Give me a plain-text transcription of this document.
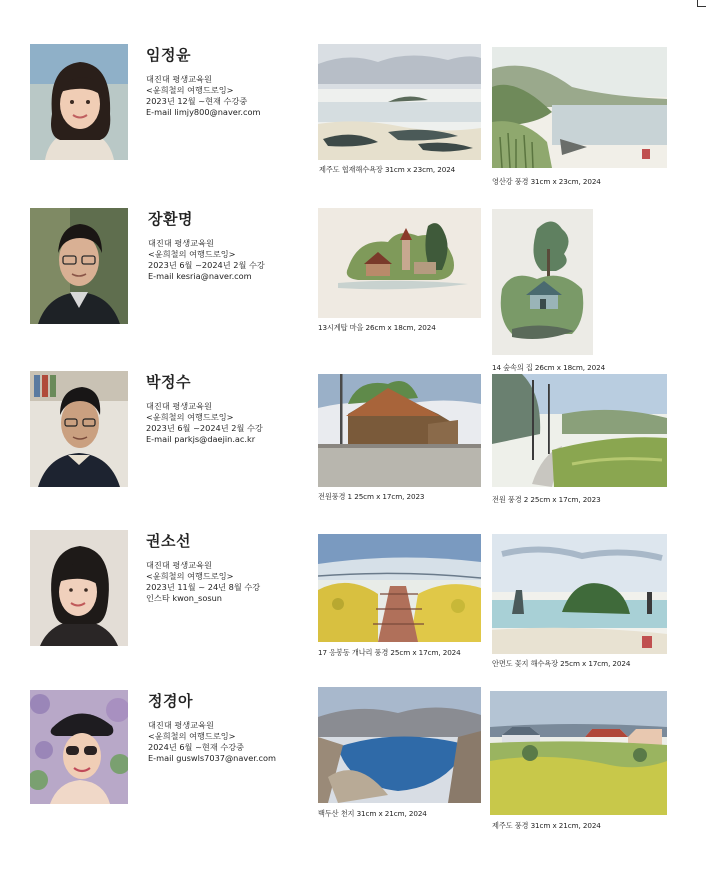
임정윤
대진대 평생교육원
<윤희철의 여행드로잉>
2023년 12월 ~현재 수강중
E-mail limjy800@naver.com
제주도 협재해수욕장 31cm x 23cm, 2024
영산강 풍경 31cm x 23cm, 2024
장환명
대진대 평생교육원
<윤희철의 여행드로잉>
2023년 6월 ~2024년 2월 수강
E-mail kesria@naver.com
13시계탑 마을 26cm x 18cm, 2024
14 숲속의 집 26cm x 18cm, 2024
박정수
대진대 평생교육원
<윤희철의 여행드로잉>
2023년 6월 ~2024년 2월 수강
E-mail parkjs@daejin.ac.kr
전원풍경 1 25cm x 17cm, 2023	전원 풍경 2 25cm x 17cm, 2023
권소선
대진대 평생교육원
<윤희철의 여행드로잉>
2023년 11월 ~ 24년 8월 수강
인스타 kwon_sosun
17 응봉동 개나리 풍경 25cm x 17cm, 2024
안면도 꽃지 해수욕장 25cm x 17cm, 2024
정경아
대진대 평생교육원
<윤희철의 여행드로잉>
2024년 6월 ~현재 수강중
E-mail guswls7037@naver.com
백두산 천지 31cm x 21cm, 2024
제주도 풍경 31cm x 21cm, 2024
